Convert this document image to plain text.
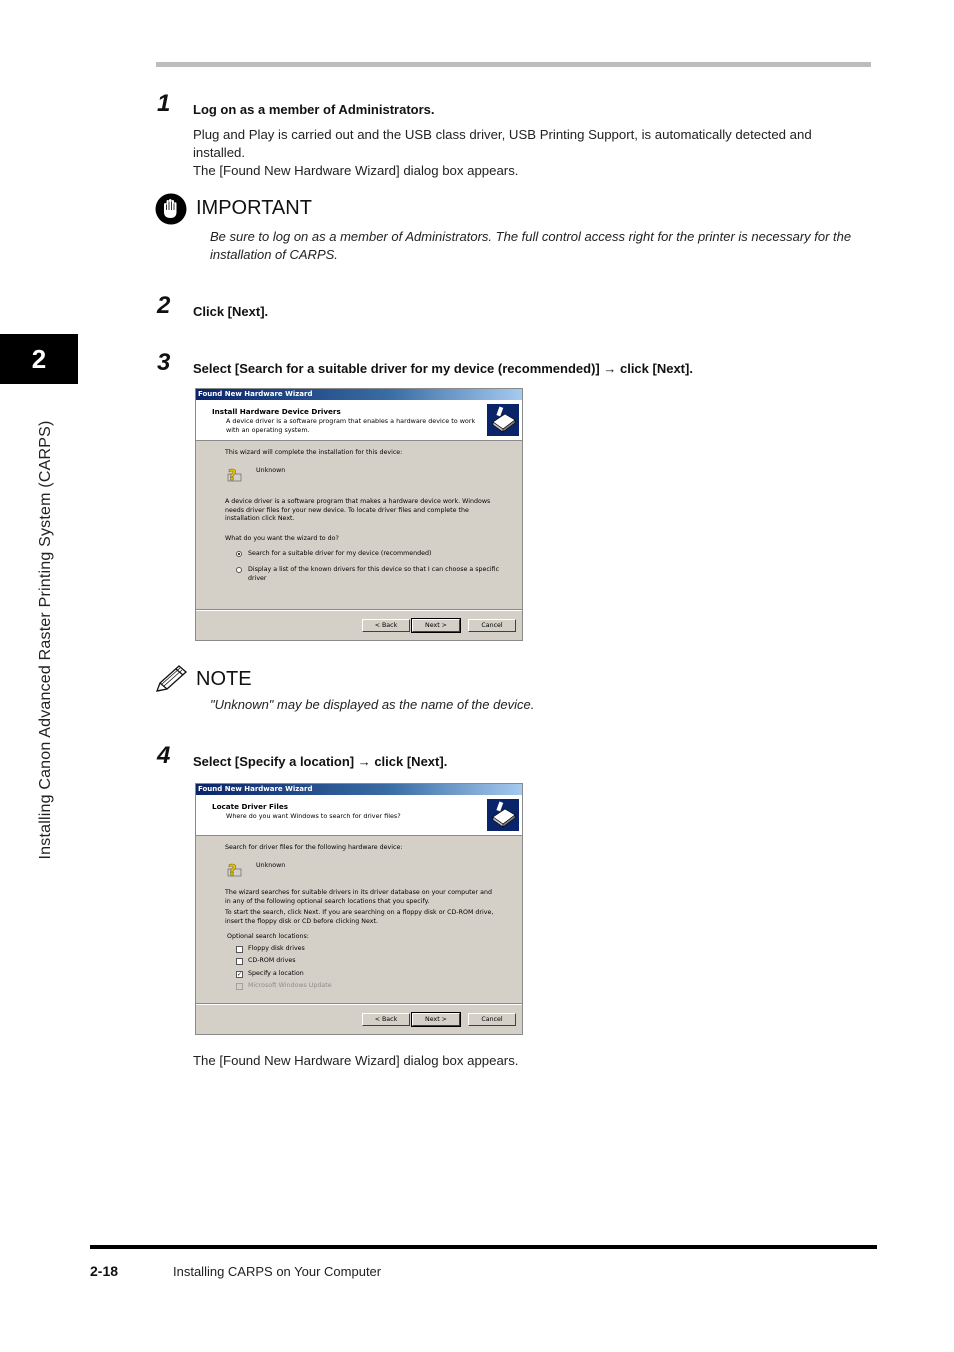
2
Installing Canon Advanced Raster Printing System (CARPS)
1 Log on as a member of Administrators.
Plug and Play is carried out and the USB class driver, USB Printing Support, is automatically detected and
installed.
The [Found New Hardware Wizard] dialog box appears.
IMPORTANT
Be sure to log on as a member of Administrators. The full control access right for the printer is necessary for the
installation of CARPS.
2 Click [Next].
3 Select [Search for a suitable driver for my device (recommended)] → click [Next].
Found New Hardware Wizard
Install Hardware Device Drivers
A device driver is a software program that enables a hardware device to work with an operating system.
This wizard will complete the installation for this device:
?	Unknown
A device driver is a software program that makes a hardware device work. Windows needs driver files for your new device. To locate driver files and complete the installation click Next.
What do you want the wizard to do?
Search for a suitable driver for my device (recommended)
Display a list of the known drivers for this device so that I can choose a specific driver
< Back	Next >	Cancel
NOTE
"Unknown" may be displayed as the name of the device.
4 Select [Specify a location] → click [Next].
Found New Hardware Wizard
Locate Driver Files
Where do you want Windows to search for driver files?
Search for driver files for the following hardware device:
?	Unknown
The wizard searches for suitable drivers in its driver database on your computer and in any of the following optional search locations that you specify.
To start the search, click Next. If you are searching on a floppy disk or CD-ROM drive, insert the floppy disk or CD before clicking Next.
Optional search locations:
Floppy disk drives
CD-ROM drives
✓ Specify a location
Microsoft Windows Update
< Back	Next >	Cancel
The [Found New Hardware Wizard] dialog box appears.
2-18	Installing CARPS on Your Computer
